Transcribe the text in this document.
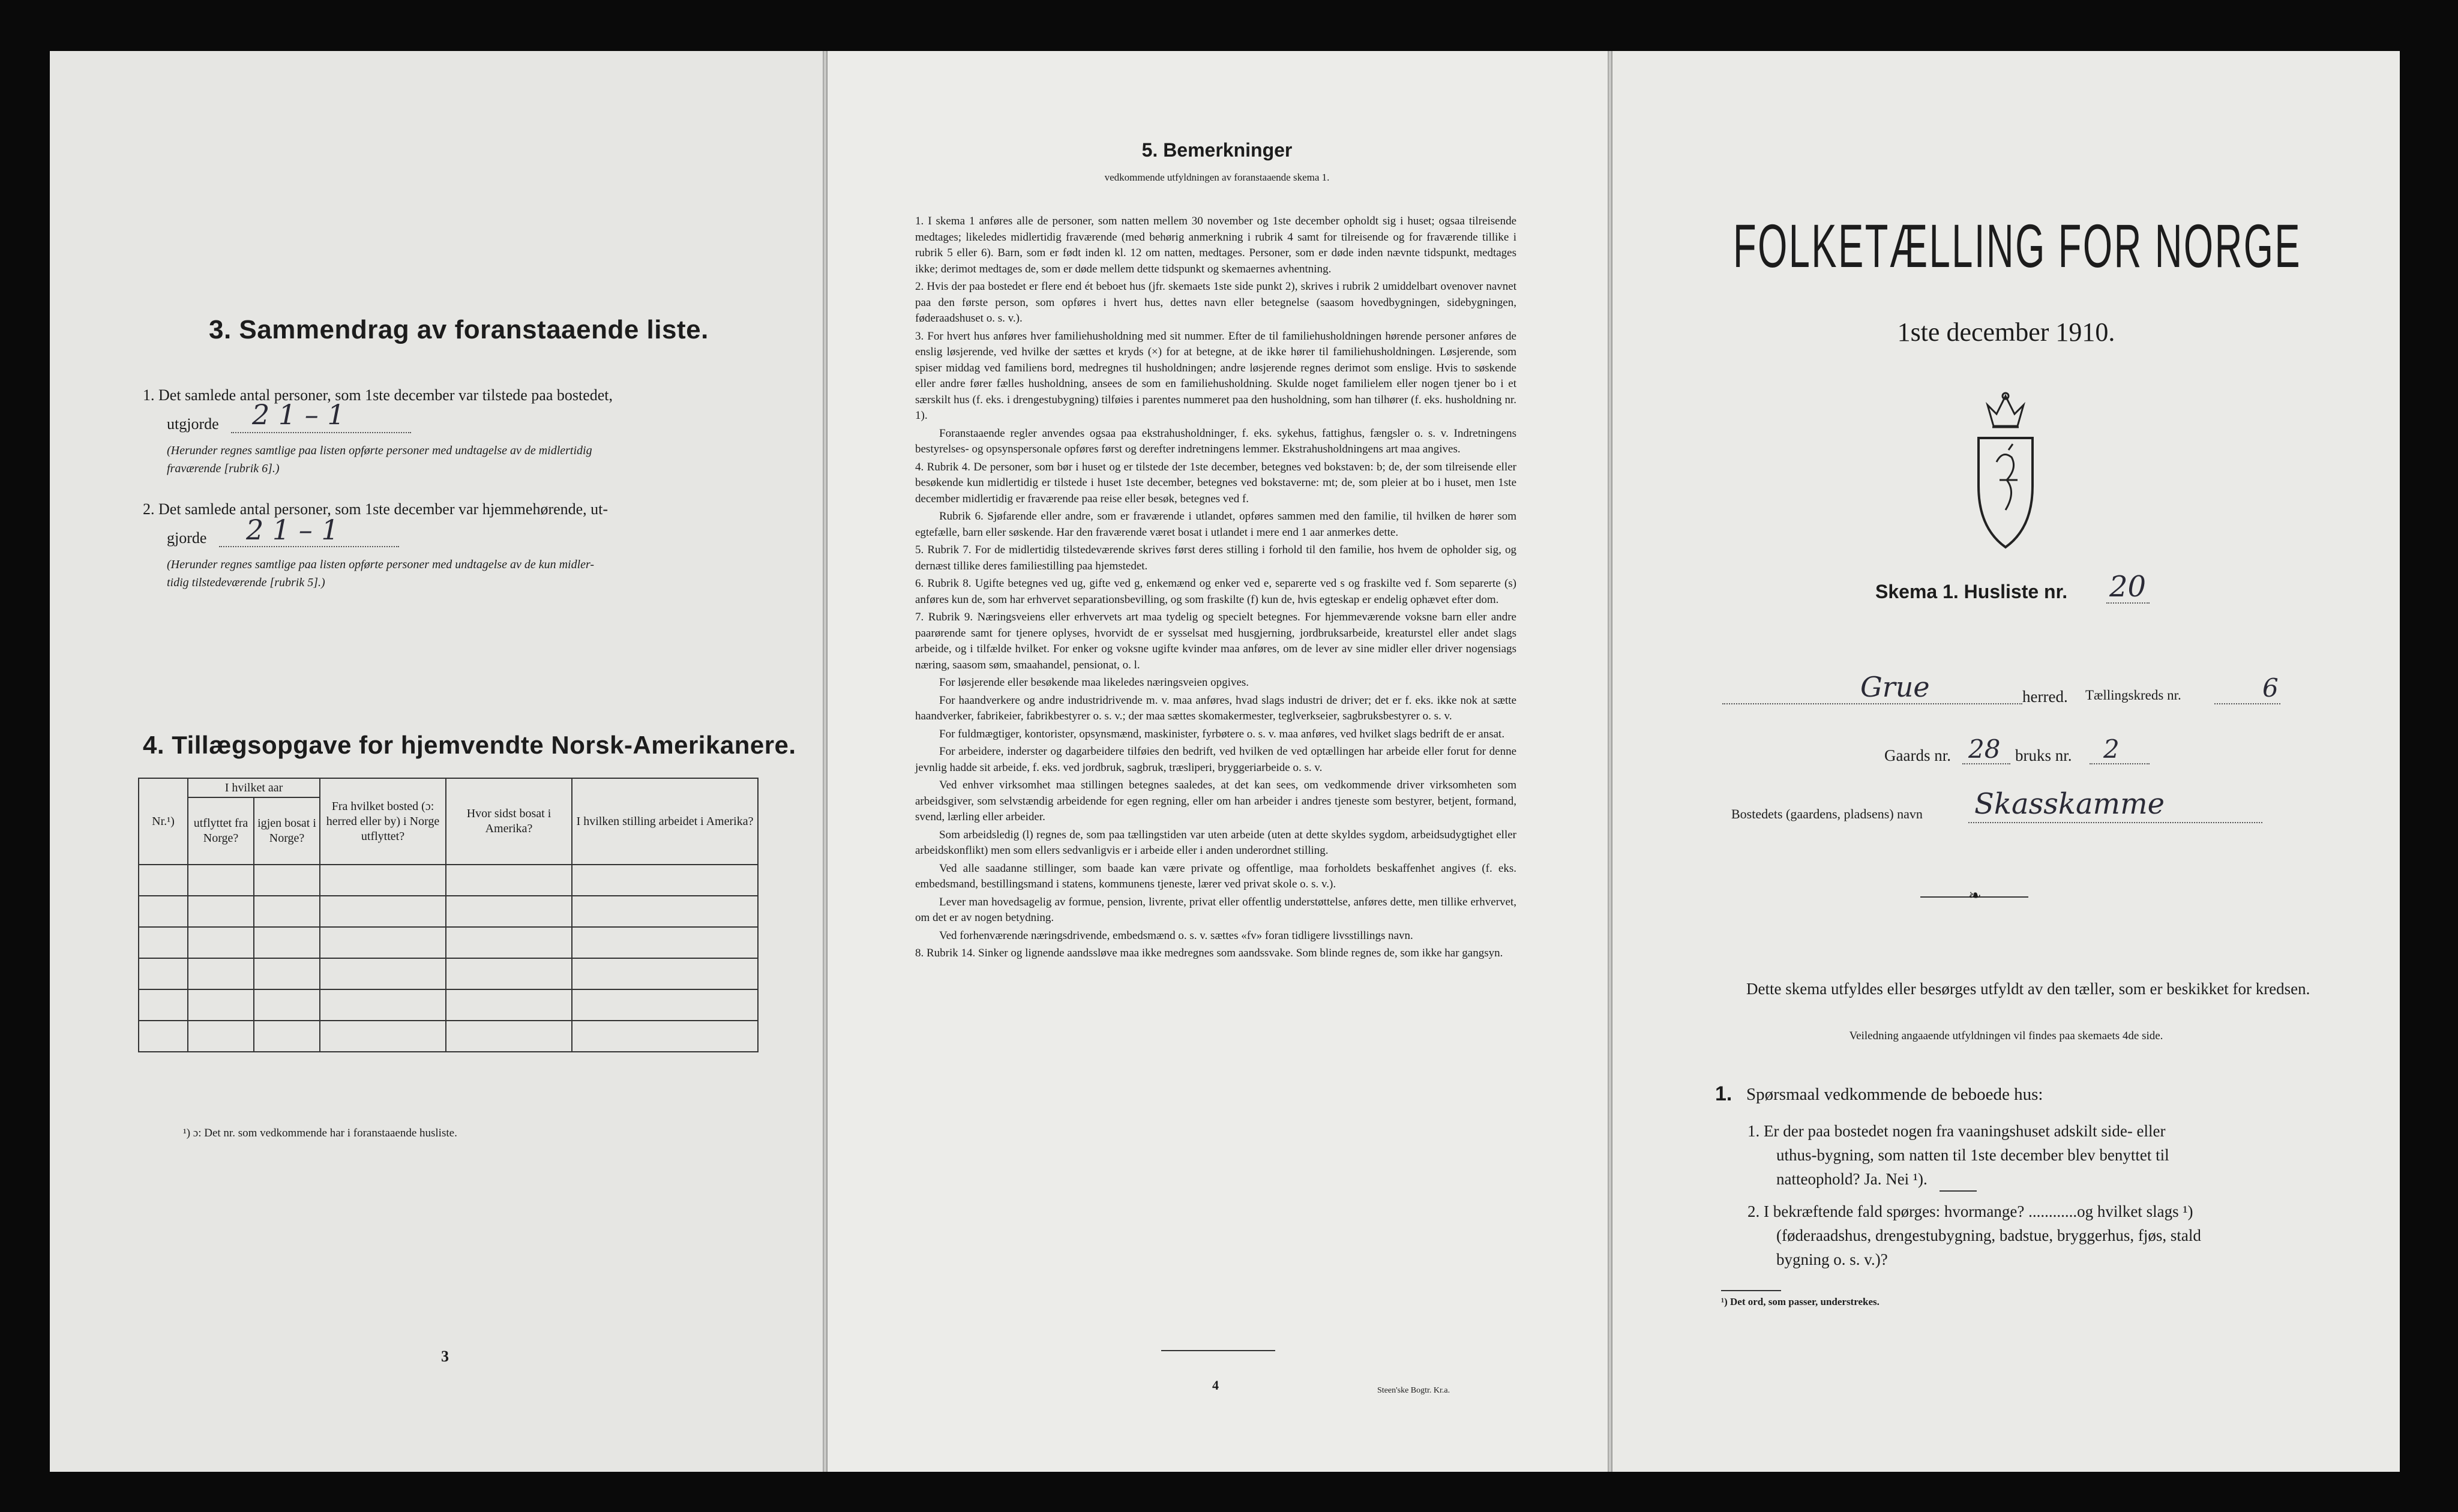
3. Sammendrag av foranstaaende liste.
1. Det samlede antal personer, som 1ste december var tilstede paa bostedet,
utgjorde 2 1 – 1
(Herunder regnes samtlige paa listen opførte personer med undtagelse av de midlertidig
fraværende [rubrik 6].)
2. Det samlede antal personer, som 1ste december var hjemmehørende, ut-
gjorde 2 1 – 1
(Herunder regnes samtlige paa listen opførte personer med undtagelse av de kun midler-
tidig tilstedeværende [rubrik 5].)
4. Tillægsopgave for hjemvendte Norsk-Amerikanere.
Nr.¹)	I hvilket aar		Fra hvilket bosted (ɔ: herred eller by) i Norge utflyttet?	Hvor sidst bosat i Amerika?	I hvilken stilling arbeidet i Amerika?
	utflyttet fra Norge?	igjen bosat i Norge?			

¹) ɔ: Det nr. som vedkommende har i foranstaaende husliste.
3
5. Bemerkninger
vedkommende utfyldningen av foranstaaende skema 1.

1. I skema 1 anføres alle de personer, som natten mellem 30 november og 1ste december opholdt sig i huset; ogsaa tilreisende medtages; likeledes midlertidig fraværende (med behørig anmerkning i rubrik 4 samt for tilreisende og for fraværende tillike i rubrik 5 eller 6). Barn, som er født inden kl. 12 om natten, medtages. Personer, som er døde inden nævnte tidspunkt, medtages ikke; derimot medtages de, som er døde mellem dette tidspunkt og skemaernes avhentning.

2. Hvis der paa bostedet er flere end ét beboet hus (jfr. skemaets 1ste side punkt 2), skrives i rubrik 2 umiddelbart ovenover navnet paa den første person, som opføres i hvert hus, dettes navn eller betegnelse (saasom hovedbygningen, sidebygningen, føderaadshuset o. s. v.).

3. For hvert hus anføres hver familiehusholdning med sit nummer. Efter de til familiehusholdningen hørende personer anføres de enslig løsjerende, ved hvilke der sættes et kryds (×) for at betegne, at de ikke hører til familiehusholdningen. Løsjerende, som spiser middag ved familiens bord, medregnes til husholdningen; andre løsjerende regnes derimot som enslige. Hvis to søskende eller andre fører fælles husholdning, ansees de som en familiehusholdning. Skulde noget familielem eller nogen tjener bo i et særskilt hus (f. eks. i drengestubygning) tilføies i parentes nummeret paa den husholdning, som han tilhører (f. eks. husholdning nr. 1).

Foranstaaende regler anvendes ogsaa paa ekstrahusholdninger, f. eks. sykehus, fattighus, fængsler o. s. v. Indretningens bestyrelses- og opsynspersonale opføres først og derefter indretningens lemmer. Ekstrahusholdningens art maa angives.

4. Rubrik 4. De personer, som bør i huset og er tilstede der 1ste december, betegnes ved bokstaven: b; de, der som tilreisende eller besøkende kun midlertidig er tilstede i huset 1ste december, betegnes ved bokstaverne: mt; de, som pleier at bo i huset, men 1ste december midlertidig er fraværende paa reise eller besøk, betegnes ved f.

Rubrik 6. Sjøfarende eller andre, som er fraværende i utlandet, opføres sammen med den familie, til hvilken de hører som egtefælle, barn eller søskende. Har den fraværende været bosat i utlandet i mere end 1 aar anmerkes dette.

5. Rubrik 7. For de midlertidig tilstedeværende skrives først deres stilling i forhold til den familie, hos hvem de opholder sig, og dernæst tillike deres familiestilling paa hjemstedet.

6. Rubrik 8. Ugifte betegnes ved ug, gifte ved g, enkemænd og enker ved e, separerte ved s og fraskilte ved f. Som separerte (s) anføres kun de, som har erhvervet separationsbevilling, og som fraskilte (f) kun de, hvis egteskap er endelig ophævet efter dom.

7. Rubrik 9. Næringsveiens eller erhvervets art maa tydelig og specielt betegnes. For hjemmeværende voksne barn eller andre paarørende samt for tjenere oplyses, hvorvidt de er sysselsat med husgjerning, jordbruksarbeide, kreaturstel eller andet slags arbeide, og i tilfælde hvilket. For enker og voksne ugifte kvinder maa anføres, om de lever av sine midler eller driver nogensiags næring, saasom søm, smaahandel, pensionat, o. l.

For løsjerende eller besøkende maa likeledes næringsveien opgives.

For haandverkere og andre industridrivende m. v. maa anføres, hvad slags industri de driver; det er f. eks. ikke nok at sætte haandverker, fabrikeier, fabrikbestyrer o. s. v.; der maa sættes skomakermester, teglverkseier, sagbruksbestyrer o. s. v.

For fuldmægtiger, kontorister, opsynsmænd, maskinister, fyrbøtere o. s. v. maa anføres, ved hvilket slags bedrift de er ansat.

For arbeidere, inderster og dagarbeidere tilføies den bedrift, ved hvilken de ved optællingen har arbeide eller forut for denne jevnlig hadde sit arbeide, f. eks. ved jordbruk, sagbruk, træsliperi, bryggeriarbeide o. s. v.

Ved enhver virksomhet maa stillingen betegnes saaledes, at det kan sees, om vedkommende driver virksomheten som arbeidsgiver, som selvstændig arbeidende for egen regning, eller om han arbeider i andres tjeneste som bestyrer, betjent, formand, svend, lærling eller arbeider.

Som arbeidsledig (l) regnes de, som paa tællingstiden var uten arbeide (uten at dette skyldes sygdom, arbeidsudygtighet eller arbeidskonflikt) men som ellers sedvanligvis er i arbeide eller i anden underordnet stilling.

Ved alle saadanne stillinger, som baade kan være private og offentlige, maa forholdets beskaffenhet angives (f. eks. embedsmand, bestillingsmand i statens, kommunens tjeneste, lærer ved privat skole o. s. v.).

Lever man hovedsagelig av formue, pension, livrente, privat eller offentlig understøttelse, anføres dette, men tillike erhvervet, om det er av nogen betydning.

Ved forhenværende næringsdrivende, embedsmænd o. s. v. sættes «fv» foran tidligere livsstillings navn.

8. Rubrik 14. Sinker og lignende aandssløve maa ikke medregnes som aandssvake. Som blinde regnes de, som ikke har gangsyn.

4	Steen'ske Bogtr. Kr.a.
FOLKETÆLLING FOR NORGE
1ste december 1910.
Skema 1. Husliste nr. 20
Grue	herred. Tællingskreds nr.	6
Gaards nr. 28 bruks nr. 2
Bostedets (gaardens, pladsens) navn Skasskamme
❧
Dette skema utfyldes eller besørges utfyldt av den tæller, som er beskikket for kredsen.
Veiledning angaaende utfyldningen vil findes paa skemaets 4de side.
1. Spørsmaal vedkommende de beboede hus:
1. Er der paa bostedet nogen fra vaaningshuset adskilt side- eller
uthus-bygning, som natten til 1ste december blev benyttet til
natteophold? Ja. Nei ¹).
2. I bekræftende fald spørges: hvormange? ............og hvilket slags ¹)
(føderaadshus, drengestubygning, badstue, bryggerhus, fjøs, stald
bygning o. s. v.)?
¹) Det ord, som passer, understrekes.
